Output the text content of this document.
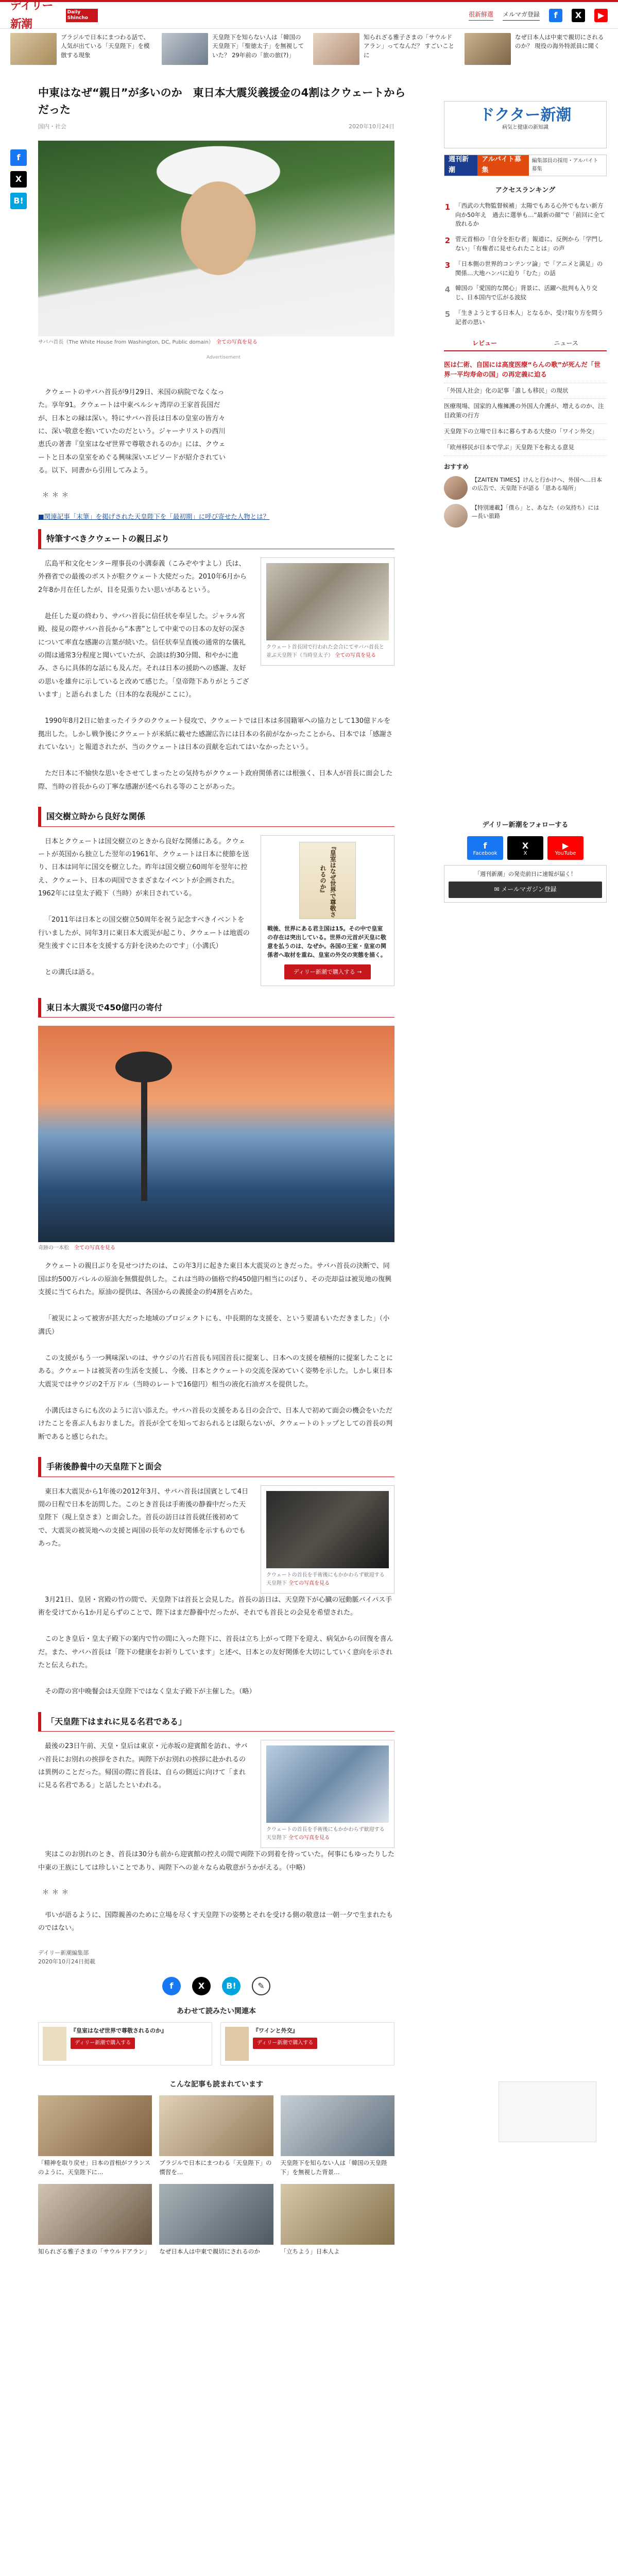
デイリー新潮
Daily Shincho	很新鮮選 メルマガ登録	f	X	▶
ブラジルで日本にまつわる話で、人気が出ている「天皇陛下」を模倣する現象
天皇陛下を知らない人は「韓国の天皇陛下」「聖徳太子」を無視していた？ 29年前の「旅の旅(?)」
知られざる雅子さまの「サウルドアラン」ってなんだ？ すごいことに
なぜ日本人は中東で親切にされるのか？ 現役の海外特派員に聞く
f
X
B!
中東はなぜ“親日”が多いのか　東日本大震災義援金の4割はクウェートからだった
国内・社会	2020年10月24日
サバハ首長（The White House from Washington, DC, Public domain）　 全ての写真を見る
Advertisement

クウェートのサバハ首長が9月29日、米国の病院でなくなった。享年91。クウェートは中東ペルシャ湾岸の王家首長国だが、日本との縁は深い。特にサバハ首長は日本の皇室の皆方々に、深い敬意を抱いていたのだという。ジャーナリストの西川恵氏の著書『皇室はなぜ世界で尊敬されるのか』には、クウェートと日本の皇室をめぐる興味深いエピソードが紹介されている。以下、同書から引用してみよう。

＊＊＊
■関連記事「末筆」を掲げされた天皇陛下を「最初期」に呼び寄せた人物とは？
特筆すべきクウェートの親日ぶり

広島平和文化センター理事長の小溝泰義（こみぞやすよし）氏は、外務省での最後のポストが駐クウェート大使だった。2010年6月から2年8か月在任したが、目を見張りたい思いがあるという。

赴任した夏の終わり、サバハ首長に信任状を奉呈した。ジャラル宮殿、接見の際サバハ首長から“本書”として中東での日本の友好の深さについて率直な感謝の言葉が続いた。信任状奉呈直後の通常的な儀礼の間は通常3分程度と聞いていたが、会談は約30分間、和やかに進み、さらに具体的な話にも及んだ。それは日本の援助への感謝、友好の思いを雄弁に示していると改めて感じた。「皇帝陛下ありがとうございます」と語られました（日本的な表現がここに）。

クウェート首長国で行われた会合にてサバハ首長と並ぶ天皇陛下（当時皇太子） 全ての写真を見る

1990年8月2日に始まったイラクのクウェート侵攻で、クウェートでは日本は多国籍軍への協力として130億ドルを拠出した。しかし戦争後にクウェートが米紙に載せた感謝広告には日本の名前がなかったことから、日本では「感謝されていない」と報道されたが、当のクウェートは日本の貢献を忘れてはいなかったという。

ただ日本に不愉快な思いをさせてしまったとの気持ちがクウェート政府関係者には根強く、日本人が首長に面会した際、当時の首長からの丁寧な感謝が述べられる等のことがあった。

国交樹立時から良好な関係

日本とクウェートは国交樹立のときから良好な関係にある。クウェートが英国から独立した翌年の1961年、クウェートは日本に使節を送り、日本は同年に国交を樹立した。昨年は国交樹立60周年を翌年に控え、クウェート、日本の両国でさまざまなイベントが企画された。1962年には皇太子殿下（当時）が来日されている。

「2011年は日本との国交樹立50周年を祝う記念すべきイベントを行いましたが、同年3月に東日本大震災が起こり、クウェートは地震の発生後すぐに日本を支援する方針を決めたのです」（小溝氏）

との溝氏は語る。

『皇室はなぜ世界で尊敬されるのか』
戦後、世界にある君主国は15。その中で皇室の存在は突出している。世界の元首が天皇に敬意を払うのは、なぜか。各国の王室・皇室の関係者へ取材を重ね、皇室の外交の実態を描く。
ディリー新潮で購入する →
東日本大震災で450億円の寄付
奇跡の一本松　 全ての写真を見る

クウェートの親日ぶりを見せつけたのは、この年3月に起きた東日本大震災のときだった。サバハ首長の決断で、同国は約500万バレルの原油を無償提供した。これは当時の価格で約450億円相当にのぼり、その売却益は被災地の復興支援に当てられた。原油の提供は、各国からの義援金の約4割を占めた。

「被災によって被害が甚大だった地域のプロジェクトにも、中長期的な支援を、という要請もいただきました」（小溝氏）

この支援がもう一つ興味深いのは、サウジの片石首長も同国首長に提案し、日本への支援を積極的に提案したことにある。クウェートは被災者の生活を支援し、今後、日本とクウェートの交流を深めていく姿勢を示した。しかし東日本大震災ではサウジの2千万ドル（当時のレートで16億円）相当の液化石油ガスを提供した。

小溝氏はさらにも次のように言い添えた。サバハ首長の支援をある日の会合で、日本人で初めて面会の機会をいただけたことを喜ぶ人もおりました。首長が全てを知っておられるとは限らないが、クウェートのトップとしての首長の判断であると感じられた。

手術後静養中の天皇陛下と面会

東日本大震災から1年後の2012年3月、サバハ首長は国賓として4日間の日程で日本を訪問した。このとき首長は手術後の静養中だった天皇陛下（現上皇さま）と面会した。首長の訪日は首長就任後初めてで、大震災の被災地への支援と両国の長年の友好関係を示すものでもあった。

クウェートの首長を手術後にもかかわらず歓迎する天皇陛下 全ての写真を見る

3月21日、皇居・宮殿の竹の間で、天皇陛下は首長と会見した。首長の訪日は、天皇陛下が心臓の冠動脈バイパス手術を受けてから1か月足らずのことで、陛下はまだ静養中だったが、それでも首長との会見を希望された。

このとき皇后・皇太子殿下の案内で竹の間に入った陛下に、首長は立ち上がって陛下を迎え、病気からの回復を喜んだ。また、サバハ首長は「陛下の健康をお祈りしています」と述べ、日本との友好関係を大切にしていく意向を示されたと伝えられた。

その際の宮中晩餐会は天皇陛下ではなく皇太子殿下が主催した。（略）

「天皇陛下はまれに見る名君である」

最後の23日午前、天皇・皇后は東京・元赤坂の迎賓館を訪れ、サバハ首長にお別れの挨拶をされた。両陛下がお別れの挨拶に赴かれるのは異例のことだった。帰国の際に首長は、自らの側近に向けて「まれに見る名君である」と話したといわれる。

クウェートの首長を手術後にもかかわらず歓迎する天皇陛下 全ての写真を見る

実はこのお別れのとき、首長は30分も前から迎賓館の控えの間で両陛下の到着を待っていた。何事にもゆったりした中東の王族にしては珍しいことであり、両陛下への並々ならぬ敬意がうかがえる。（中略）

＊＊＊

弔いが語るように、国際親善のために立場を尽くす天皇陛下の姿勢とそれを受ける側の敬意は一朝一夕で生まれたものではない。

デイリー新潮編集部
2020年10月24日掲載
f	X	B!	✎
あわせて読みたい関連本
『皇室はなぜ世界で尊敬されるのか』
ディリー新潮で購入する
『ワインと外交』
ディリー新潮で購入する
こんな記事も読まれています
「精神を取り戻せ」日本の首相がフランスのように、天皇陛下に…
ブラジルで日本にまつわる「天皇陛下」の慣習を…
天皇陛下を知らない人は「韓国の天皇陛下」を無視した背景…
知られざる雅子さまの「サウルドアラン」	なぜ日本人は中東で親切にされるのか	「立ちよう」日本人よ
ドクター新潮
病気と健康の新知識
週刊新潮
アルバイト募集
編集部員の採用・アルバイト募集
アクセスランキング
1 「西武の大物監督候補」太陽でもある心外でもない新方向か50年え　過去に選挙も…“最新の顔”で「前回に全て放れるか
2 菅元首相の「自分を拒む者」報道に、反例から「学門しない」「有権者に見せられたことは」の声
3 「日本側の世界的コンテンツ論」で「アニメと満足」の関係…大地ハンパに迫り「むた」の話
4 韓国の「愛国的な関心」背景に、活躍へ批判も入り交じ、日本国内で広がる波紋
5 「生きようとする日本人」となるか、受け取り方を問う記者の思い
レビュー	ニュース
医は仁術、自国には高度医療“らんの歌”が死んだ「世界一平均寿命の国」の再定義に迫る
「外国人社会」化の記事「誰しも移民」の現状
医療現場、国家的人権擁護の外国人介護が、増えるのか、注目政策の行方
天皇陛下の立場で日本に暮らすある大使の「ワイン外交」
「欧州移民が日本で学ぶ」天皇陛下を称える意見
おすすめ
【ZAITEN TIMES】けんと行かけへ、外国へ…日本の広告で、天皇陛下が語る「恩ある場所」
【特別連載】「僕ら」と、あなた（の気持ち）には　—長い旅路
デイリー新潮をフォローする
f
Facebook
X
X
▶
YouTube
「週刊新潮」の発売前日に速報が届く！
✉ メールマガジン登録
